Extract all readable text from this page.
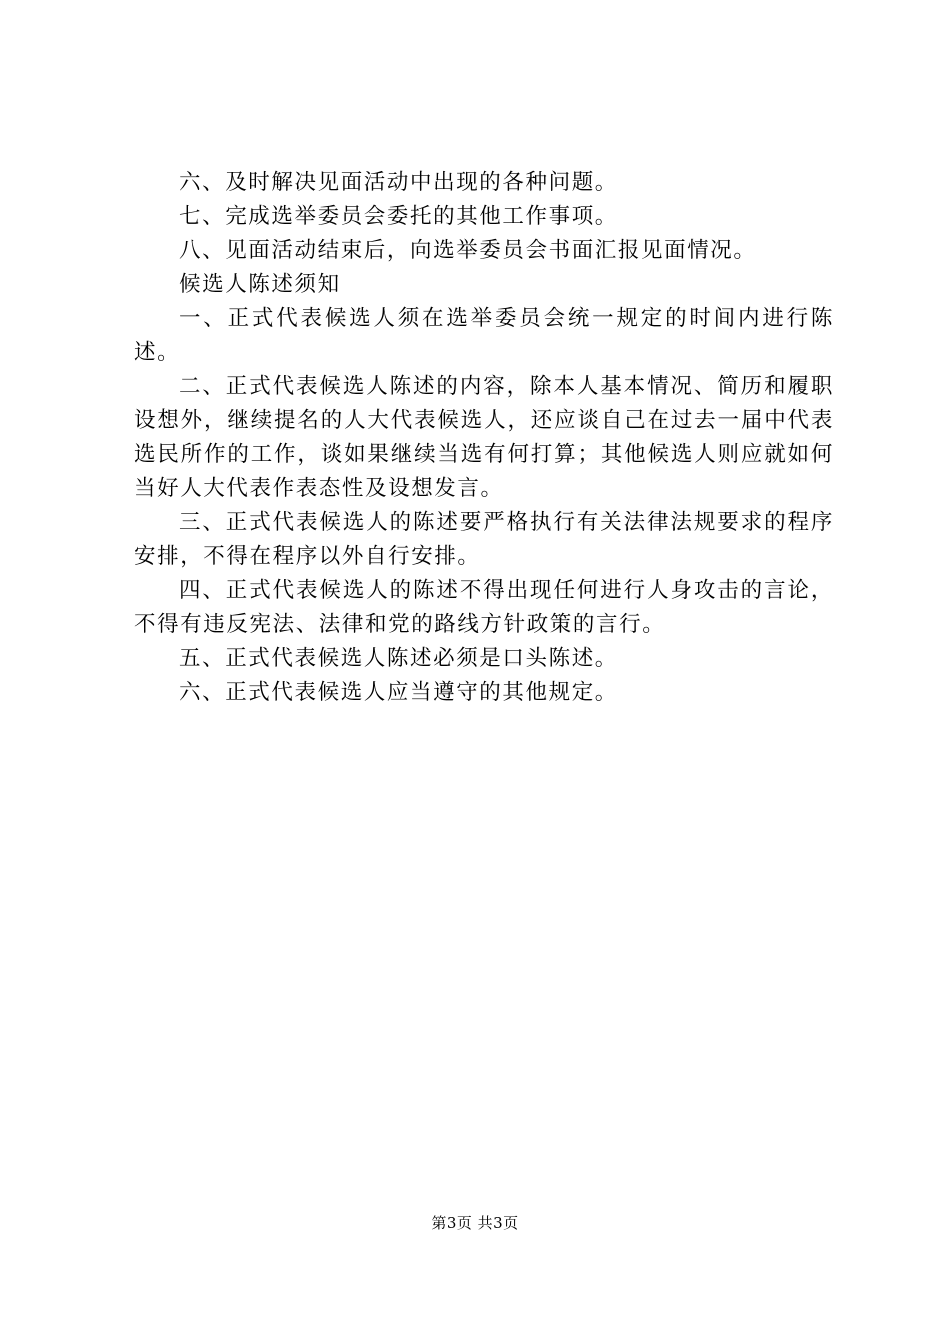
六、及时解决见面活动中出现的各种问题。

七、完成选举委员会委托的其他工作事项。

八、见面活动结束后，向选举委员会书面汇报见面情况。

候选人陈述须知

一、正式代表候选人须在选举委员会统一规定的时间内进行陈述。

二、正式代表候选人陈述的内容，除本人基本情况、简历和履职设想外，继续提名的人大代表候选人，还应谈自己在过去一届中代表选民所作的工作，谈如果继续当选有何打算；其他候选人则应就如何当好人大代表作表态性及设想发言。

三、正式代表候选人的陈述要严格执行有关法律法规要求的程序安排，不得在程序以外自行安排。

四、正式代表候选人的陈述不得出现任何进行人身攻击的言论，不得有违反宪法、法律和党的路线方针政策的言行。

五、正式代表候选人陈述必须是口头陈述。

六、正式代表候选人应当遵守的其他规定。

第3页 共3页
